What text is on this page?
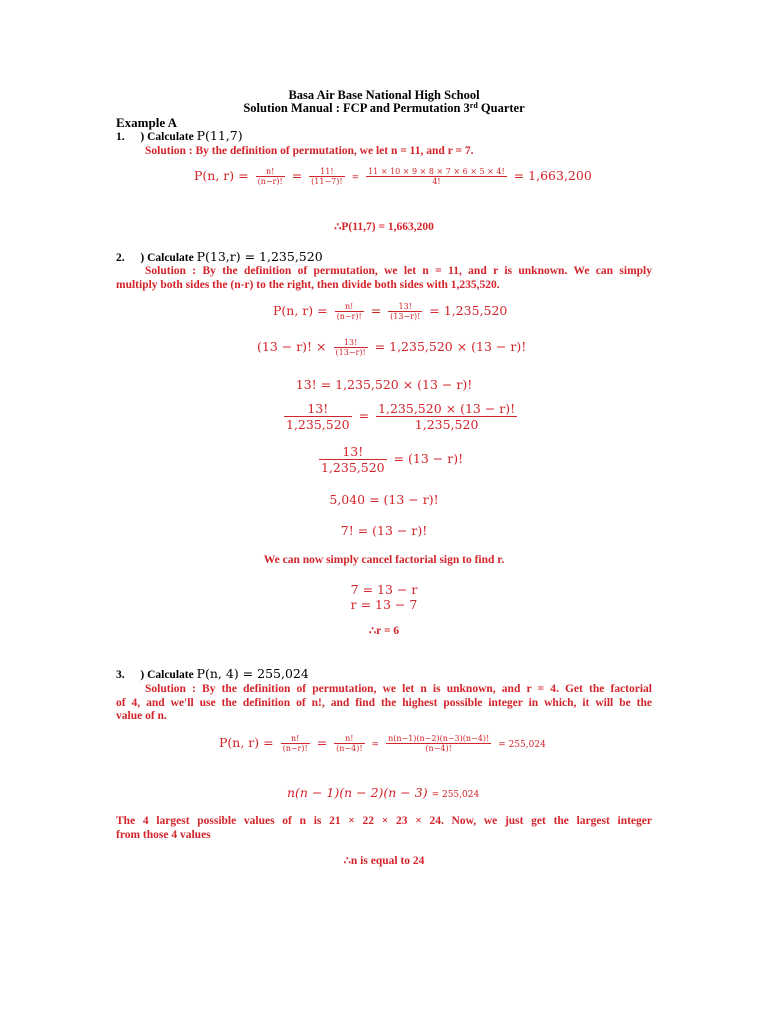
Basa Air Base National High School
Solution Manual : FCP and Permutation 3rd Quarter
Example A
1. ) Calculate P(11,7)
Solution : By the definition of permutation, we let n = 11, and r = 7.
P(n, $r) = \frac{n!}{(n-r)!} = \frac{11!}{(11-7)!} = \frac{11 \times 10 \times 9 \times 8 \times 7 \times 6 \times 5 \times 4!}{4!} = 1,663,200$
∴P(11,7) = 1,663,200
2. ) Calculate P(13,r) = 1,235,520
Solution : By the definition of permutation, we let n = 11, and r is unknown. We can simply
multiply both sides the (n-r) to the right, then divide both sides with 1,235,520.
P(n, $r) = \frac{n!}{(n-r)!} = \frac{13!}{(13-r)!} = 1,235,520$
(13 − r)! × $\frac{13!}{(13-r)!} = 1,235,520 \times (13 - r)$!
13! = 1,235,520 × (13 − r)!
$\frac{13!}{1,235,520} = \frac{1,235,520 \times (13 - r)!}{1,235,520}$
$\frac{13!}{1,235,520} = (13 - r)$!
5,040 = (13 − r)!
7! = (13 − r)!
We can now simply cancel factorial sign to find r.
7 = 13 − r
r = 13 − 7
∴r = 6
3. ) Calculate P(n, 4) = 255,024
Solution : By the definition of permutation, we let n is unknown, and r = 4. Get the factorial
of 4, and we'll use the definition of n!, and find the highest possible integer in which, it will be the
value of n.
P(n, $r) = \frac{n!}{(n-r)!} = \frac{n!}{(n-4)!} = \frac{n(n-1)(n-2)(n-3)(n-4)!}{(n-4)!} = 255,024$
n(n − 1)(n − 2)(n − 3) = 255,024
The 4 largest possible values of n is 21 × 22 × 23 × 24. Now, we just get the largest integer
from those 4 values
∴n is equal to 24
